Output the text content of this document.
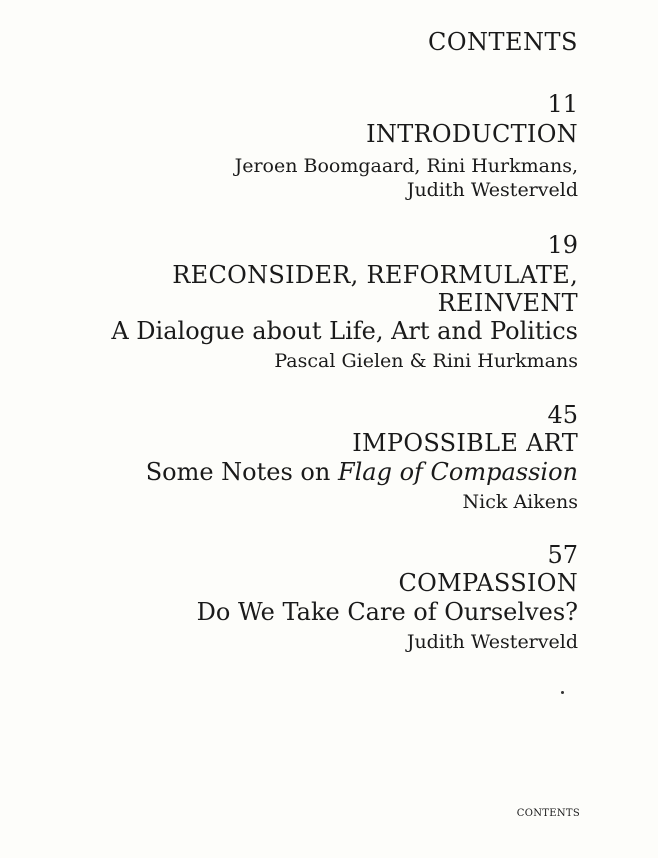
CONTENTS
11
INTRODUCTION
Jeroen Boomgaard, Rini Hurkmans,
Judith Westerveld
19
RECONSIDER, REFORMULATE,
REINVENT
A Dialogue about Life, Art and Politics
Pascal Gielen & Rini Hurkmans
45
IMPOSSIBLE ART
Some Notes on Flag of Compassion
Nick Aikens
57
COMPASSION
Do We Take Care of Ourselves?
Judith Westerveld
CONTENTS
